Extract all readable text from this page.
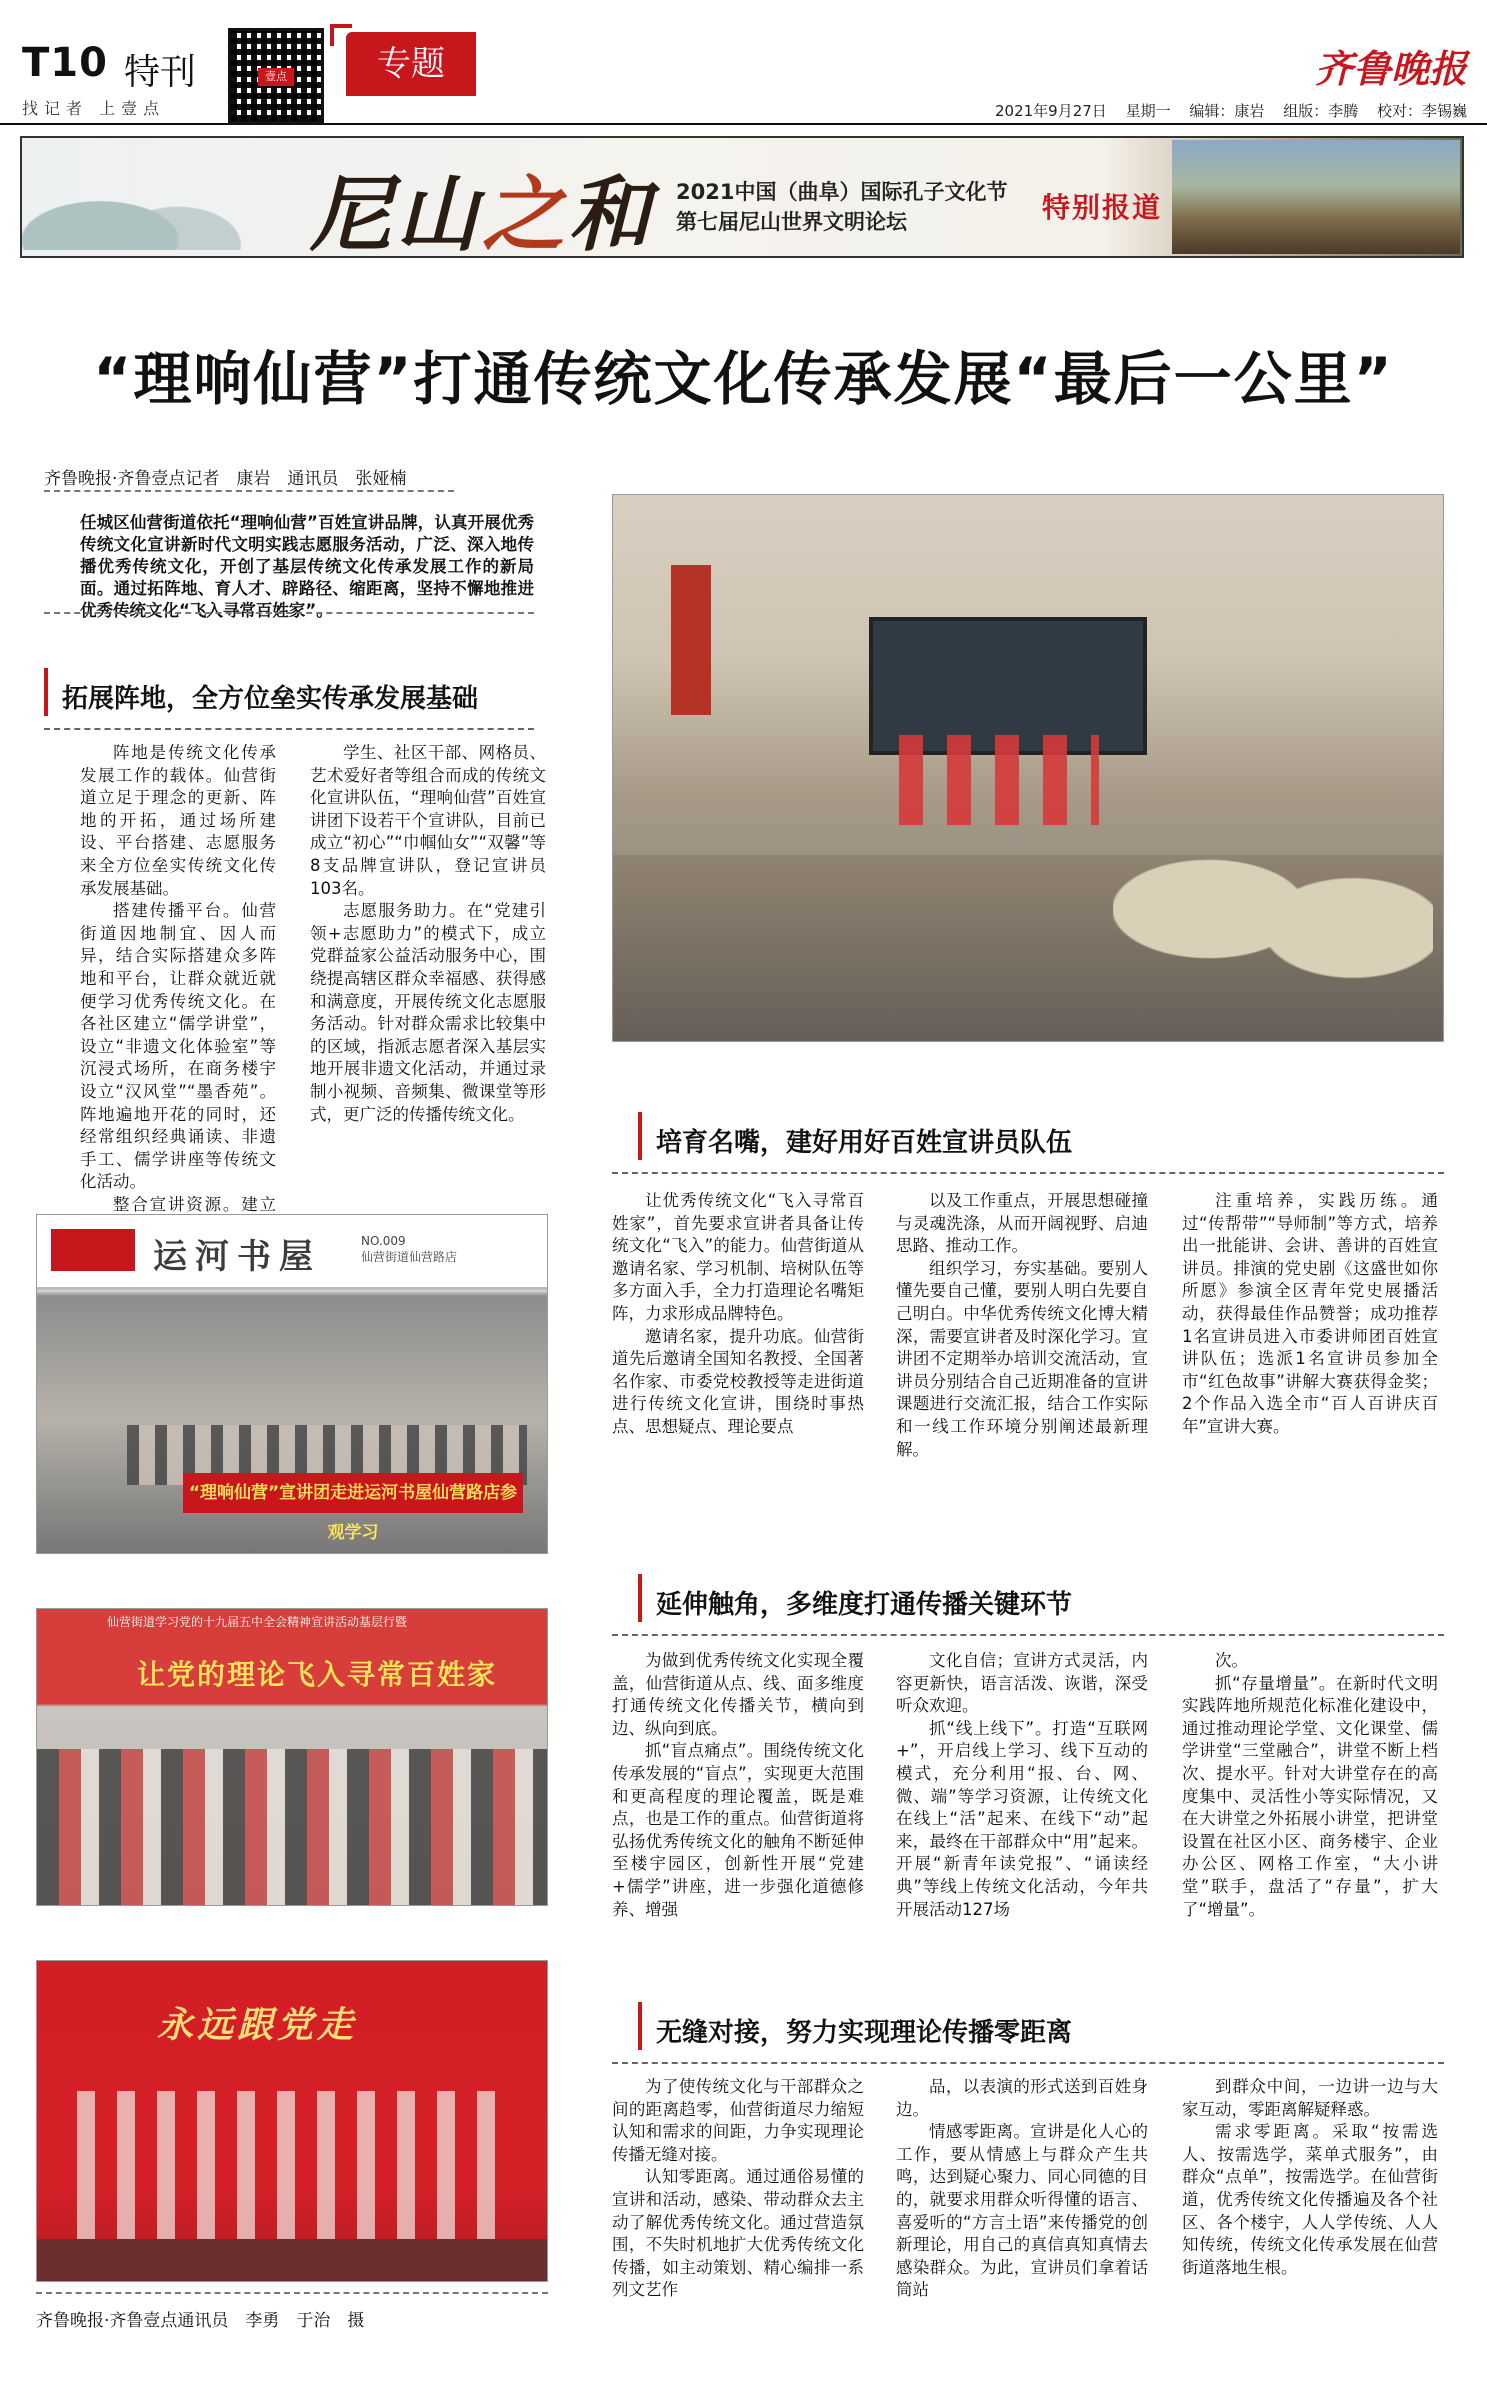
T10 特刊
找记者 上壹点
壹点	专题	齐鲁晚报
2021年9月27日 星期一 编辑：康岩 组版：李腾 校对：李锡巍
尼山之和 2021中国（曲阜）国际孔子文化节
第七届尼山世界文明论坛	特别报道
“理响仙营”打通传统文化传承发展“最后一公里”
齐鲁晚报·齐鲁壹点记者　康岩　通讯员　张娅楠
任城区仙营街道依托“理响仙营”百姓宣讲品牌，认真开展优秀传统文化宣讲新时代文明实践志愿服务活动，广泛、深入地传播优秀传统文化，开创了基层传统文化传承发展工作的新局面。通过拓阵地、育人才、辟路径、缩距离，坚持不懈地推进优秀传统文化“飞入寻常百姓家”。
拓展阵地，全方位垒实传承发展基础

阵地是传统文化传承发展工作的载体。仙营街道立足于理念的更新、阵地的开拓，通过场所建设、平台搭建、志愿服务来全方位垒实传统文化传承发展基础。

搭建传播平台。仙营街道因地制宜、因人而异，结合实际搭建众多阵地和平台，让群众就近就便学习优秀传统文化。在各社区建立“儒学讲堂”，设立“非遗文化体验室”等沉浸式场所，在商务楼宇设立“汉风堂”“墨香苑”。阵地遍地开花的同时，还经常组织经典诵读、非遗手工、儒学讲座等传统文化活动。

整合宣讲资源。建立

学生、社区干部、网格员、艺术爱好者等组合而成的传统文化宣讲队伍，“理响仙营”百姓宣讲团下设若干个宣讲队，目前已成立“初心”“巾帼仙女”“双馨”等8支品牌宣讲队，登记宣讲员103名。

志愿服务助力。在“党建引领+志愿助力”的模式下，成立党群益家公益活动服务中心，围绕提高辖区群众幸福感、获得感和满意度，开展传统文化志愿服务活动。针对群众需求比较集中的区域，指派志愿者深入基层实地开展非遗文化活动，并通过录制小视频、音频集、微课堂等形式，更广泛的传播传统文化。

培育名嘴，建好用好百姓宣讲员队伍

让优秀传统文化“飞入寻常百姓家”，首先要求宣讲者具备让传统文化“飞入”的能力。仙营街道从邀请名家、学习机制、培树队伍等多方面入手，全力打造理论名嘴矩阵，力求形成品牌特色。

邀请名家，提升功底。仙营街道先后邀请全国知名教授、全国著名作家、市委党校教授等走进街道进行传统文化宣讲，围绕时事热点、思想疑点、理论要点

以及工作重点，开展思想碰撞与灵魂洗涤，从而开阔视野、启迪思路、推动工作。

组织学习，夯实基础。要别人懂先要自己懂，要别人明白先要自己明白。中华优秀传统文化博大精深，需要宣讲者及时深化学习。宣讲团不定期举办培训交流活动，宣讲员分别结合自己近期准备的宣讲课题进行交流汇报，结合工作实际和一线工作环境分别阐述最新理解。

注重培养，实践历练。通过“传帮带”“导师制”等方式，培养出一批能讲、会讲、善讲的百姓宣讲员。排演的党史剧《这盛世如你所愿》参演全区青年党史展播活动，获得最佳作品赞誉；成功推荐1名宣讲员进入市委讲师团百姓宣讲队伍；选派1名宣讲员参加全市“红色故事”讲解大赛获得金奖；2个作品入选全市“百人百讲庆百年”宣讲大赛。

运河书屋	NO.009
仙营街道仙营路店
“理响仙营”宣讲团走进运河书屋仙营路店参观学习
延伸触角，多维度打通传播关键环节

为做到优秀传统文化实现全覆盖，仙营街道从点、线、面多维度打通传统文化传播关节，横向到边、纵向到底。

抓“盲点痛点”。围绕传统文化传承发展的“盲点”，实现更大范围和更高程度的理论覆盖，既是难点，也是工作的重点。仙营街道将弘扬优秀传统文化的触角不断延伸至楼宇园区，创新性开展“党建+儒学”讲座，进一步强化道德修养、增强

文化自信；宣讲方式灵活，内容更新快，语言活泼、诙谐，深受听众欢迎。

抓“线上线下”。打造“互联网+”，开启线上学习、线下互动的模式，充分利用“报、台、网、微、端”等学习资源，让传统文化在线上“活”起来、在线下“动”起来，最终在干部群众中“用”起来。开展“新青年读党报”、“诵读经典”等线上传统文化活动，今年共开展活动127场

次。

抓“存量增量”。在新时代文明实践阵地所规范化标准化建设中，通过推动理论学堂、文化课堂、儒学讲堂“三堂融合”，讲堂不断上档次、提水平。针对大讲堂存在的高度集中、灵活性小等实际情况，又在大讲堂之外拓展小讲堂，把讲堂设置在社区小区、商务楼宇、企业办公区、网格工作室，“大小讲堂”联手，盘活了“存量”，扩大了“增量”。

仙营街道学习党的十九届五中全会精神宣讲活动基层行暨
让党的理论飞入寻常百姓家
无缝对接，努力实现理论传播零距离

为了使传统文化与干部群众之间的距离趋零，仙营街道尽力缩短认知和需求的间距，力争实现理论传播无缝对接。

认知零距离。通过通俗易懂的宣讲和活动，感染、带动群众去主动了解优秀传统文化。通过营造氛围，不失时机地扩大优秀传统文化传播，如主动策划、精心编排一系列文艺作

品，以表演的形式送到百姓身边。

情感零距离。宣讲是化人心的工作，要从情感上与群众产生共鸣，达到疑心聚力、同心同德的目的，就要求用群众听得懂的语言、喜爱听的“方言土语”来传播党的创新理论，用自己的真信真知真情去感染群众。为此，宣讲员们拿着话筒站

到群众中间，一边讲一边与大家互动，零距离解疑释惑。

需求零距离。采取“按需选人、按需选学，菜单式服务”，由群众“点单”，按需选学。在仙营街道，优秀传统文化传播遍及各个社区、各个楼宇，人人学传统、人人知传统，传统文化传承发展在仙营街道落地生根。

永远跟党走
齐鲁晚报·齐鲁壹点通讯员　李勇　于治　摄
